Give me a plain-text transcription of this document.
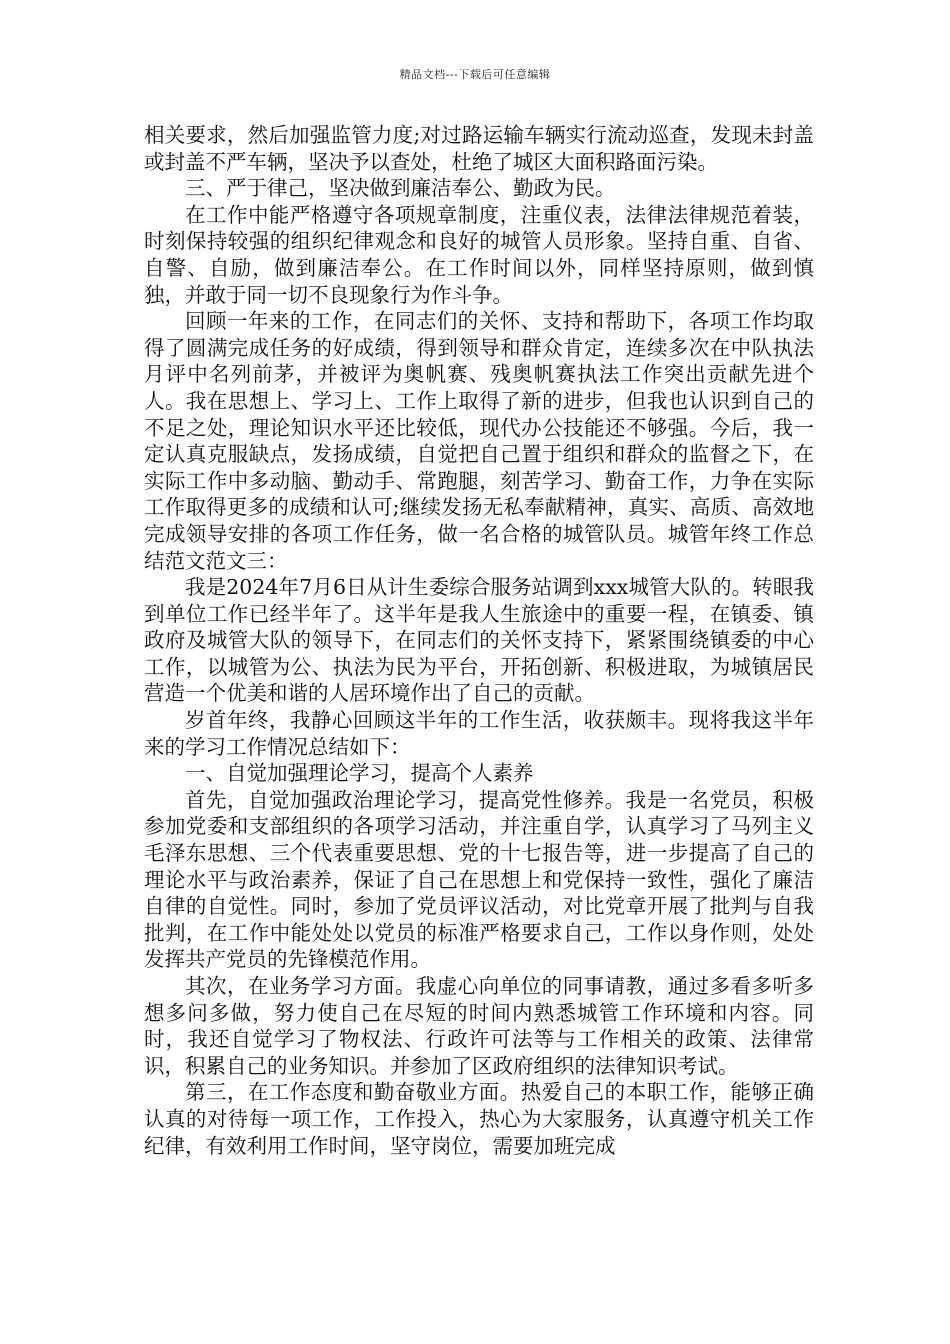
精品文档---下载后可任意编辑

相关要求，然后加强监管力度;对过路运输车辆实行流动巡查，发现未封盖或封盖不严车辆，坚决予以查处，杜绝了城区大面积路面污染。

三、严于律己，坚决做到廉洁奉公、勤政为民。

在工作中能严格遵守各项规章制度，注重仪表，法律法律规范着装，时刻保持较强的组织纪律观念和良好的城管人员形象。坚持自重、自省、自警、自励，做到廉洁奉公。在工作时间以外，同样坚持原则，做到慎独，并敢于同一切不良现象行为作斗争。

回顾一年来的工作，在同志们的关怀、支持和帮助下，各项工作均取得了圆满完成任务的好成绩，得到领导和群众肯定，连续多次在中队执法月评中名列前茅，并被评为奥帆赛、残奥帆赛执法工作突出贡献先进个人。我在思想上、学习上、工作上取得了新的进步，但我也认识到自己的不足之处，理论知识水平还比较低，现代办公技能还不够强。今后，我一定认真克服缺点，发扬成绩，自觉把自己置于组织和群众的监督之下，在实际工作中多动脑、勤动手、常跑腿，刻苦学习、勤奋工作，力争在实际工作取得更多的成绩和认可;继续发扬无私奉献精神，真实、高质、高效地完成领导安排的各项工作任务，做一名合格的城管队员。城管年终工作总结范文范文三：

我是2024年7月6日从计生委综合服务站调到xxx城管大队的。转眼我到单位工作已经半年了。这半年是我人生旅途中的重要一程，在镇委、镇政府及城管大队的领导下，在同志们的关怀支持下，紧紧围绕镇委的中心工作，以城管为公、执法为民为平台，开拓创新、积极进取，为城镇居民营造一个优美和谐的人居环境作出了自己的贡献。

岁首年终，我静心回顾这半年的工作生活，收获颇丰。现将我这半年来的学习工作情况总结如下：

一、自觉加强理论学习，提高个人素养

首先，自觉加强政治理论学习，提高党性修养。我是一名党员，积极参加党委和支部组织的各项学习活动，并注重自学，认真学习了马列主义毛泽东思想、三个代表重要思想、党的十七报告等，进一步提高了自己的理论水平与政治素养，保证了自己在思想上和党保持一致性，强化了廉洁自律的自觉性。同时，参加了党员评议活动，对比党章开展了批判与自我批判，在工作中能处处以党员的标准严格要求自己，工作以身作则，处处发挥共产党员的先锋模范作用。

其次，在业务学习方面。我虚心向单位的同事请教，通过多看多听多想多问多做，努力使自己在尽短的时间内熟悉城管工作环境和内容。同时，我还自觉学习了物权法、行政许可法等与工作相关的政策、法律常识，积累自己的业务知识。并参加了区政府组织的法律知识考试。

第三，在工作态度和勤奋敬业方面。热爱自己的本职工作，能够正确认真的对待每一项工作，工作投入，热心为大家服务，认真遵守机关工作纪律，有效利用工作时间，坚守岗位，需要加班完成
